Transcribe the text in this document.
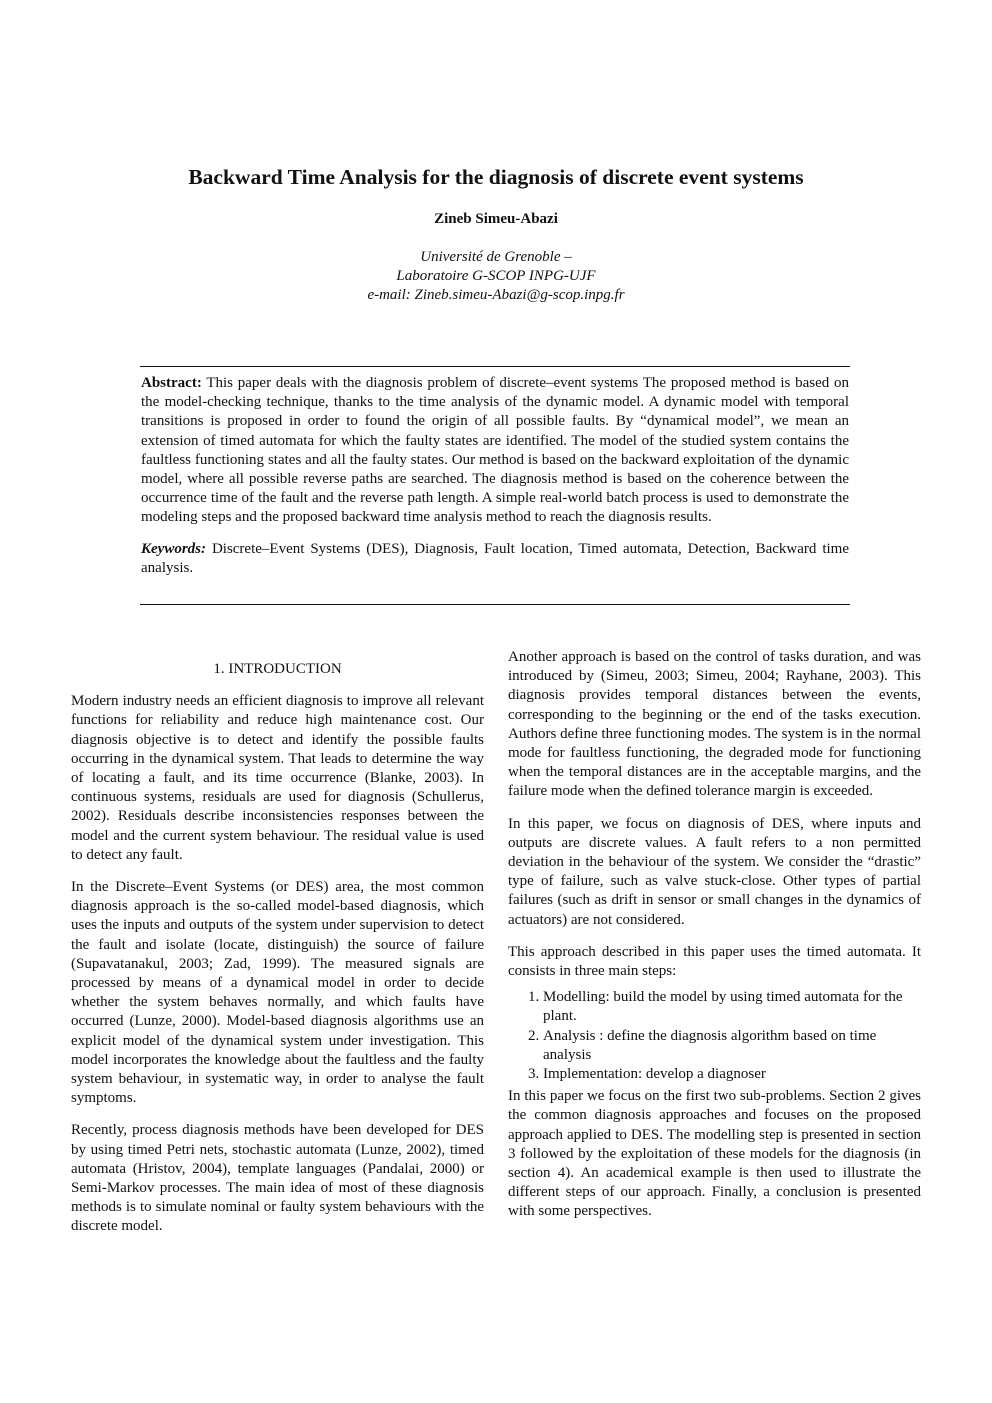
Backward Time Analysis for the diagnosis of discrete event systems
Zineb Simeu-Abazi
Université de Grenoble –
Laboratoire G-SCOP INPG-UJF
e-mail: Zineb.simeu-Abazi@g-scop.inpg.fr

Abstract: This paper deals with the diagnosis problem of discrete–event systems The proposed method is based on the model-checking technique, thanks to the time analysis of the dynamic model. A dynamic model with temporal transitions is proposed in order to found the origin of all possible faults. By “dynamical model”, we mean an extension of timed automata for which the faulty states are identified. The model of the studied system contains the faultless functioning states and all the faulty states. Our method is based on the backward exploitation of the dynamic model, where all possible reverse paths are searched. The diagnosis method is based on the coherence between the occurrence time of the fault and the reverse path length. A simple real-world batch process is used to demonstrate the modeling steps and the proposed backward time analysis method to reach the diagnosis results.

Keywords: Discrete–Event Systems (DES), Diagnosis, Fault location, Timed automata, Detection, Backward time analysis.

1. INTRODUCTION

Modern industry needs an efficient diagnosis to improve all relevant functions for reliability and reduce high maintenance cost. Our diagnosis objective is to detect and identify the possible faults occurring in the dynamical system. That leads to determine the way of locating a fault, and its time occurrence (Blanke, 2003). In continuous systems, residuals are used for diagnosis (Schullerus, 2002). Residuals describe inconsistencies responses between the model and the current system behaviour. The residual value is used to detect any fault.

In the Discrete–Event Systems (or DES) area, the most common diagnosis approach is the so-called model-based diagnosis, which uses the inputs and outputs of the system under supervision to detect the fault and isolate (locate, distinguish) the source of failure (Supavatanakul, 2003; Zad, 1999). The measured signals are processed by means of a dynamical model in order to decide whether the system behaves normally, and which faults have occurred (Lunze, 2000). Model-based diagnosis algorithms use an explicit model of the dynamical system under investigation. This model incorporates the knowledge about the faultless and the faulty system behaviour, in systematic way, in order to analyse the fault symptoms.

Recently, process diagnosis methods have been developed for DES by using timed Petri nets, stochastic automata (Lunze, 2002), timed automata (Hristov, 2004), template languages (Pandalai, 2000) or Semi-Markov processes. The main idea of most of these diagnosis methods is to simulate nominal or faulty system behaviours with the discrete model.

Another approach is based on the control of tasks duration, and was introduced by (Simeu, 2003; Simeu, 2004; Rayhane, 2003). This diagnosis provides temporal distances between the events, corresponding to the beginning or the end of the tasks execution. Authors define three functioning modes. The system is in the normal mode for faultless functioning, the degraded mode for functioning when the temporal distances are in the acceptable margins, and the failure mode when the defined tolerance margin is exceeded.

In this paper, we focus on diagnosis of DES, where inputs and outputs are discrete values. A fault refers to a non permitted deviation in the behaviour of the system. We consider the “drastic” type of failure, such as valve stuck-close. Other types of partial failures (such as drift in sensor or small changes in the dynamics of actuators) are not considered.

This approach described in this paper uses the timed automata. It consists in three main steps:

1. Modelling: build the model by using timed automata for the plant.
2. Analysis : define the diagnosis algorithm based on time analysis
3. Implementation: develop a diagnoser

In this paper we focus on the first two sub-problems. Section 2 gives the common diagnosis approaches and focuses on the proposed approach applied to DES. The modelling step is presented in section 3 followed by the exploitation of these models for the diagnosis (in section 4). An academical example is then used to illustrate the different steps of our approach. Finally, a conclusion is presented with some perspectives.
